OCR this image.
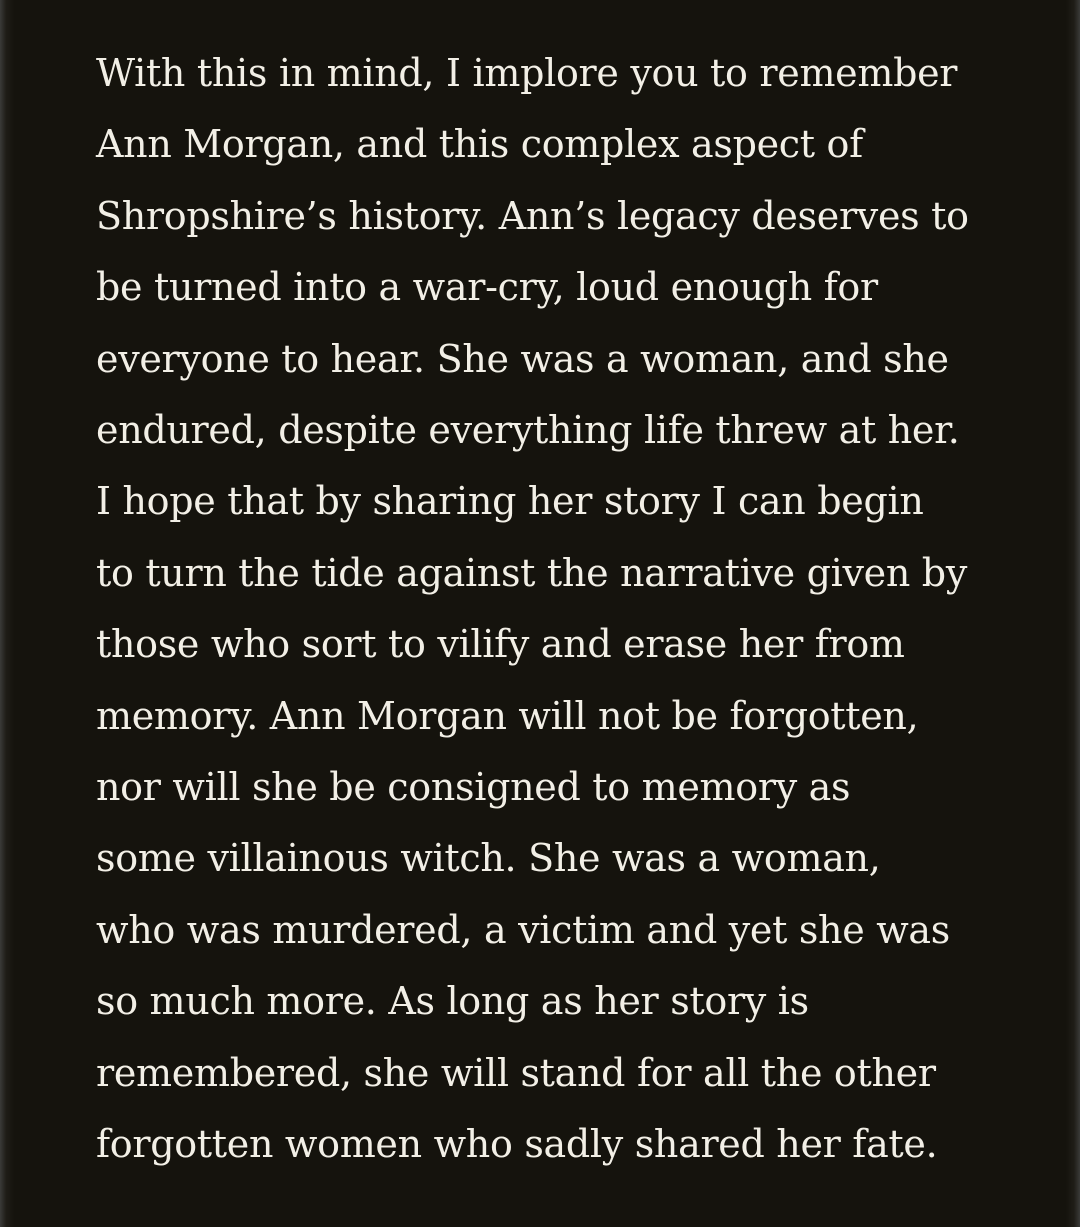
With this in mind, I implore you to remember
Ann Morgan, and this complex aspect of
Shropshire’s history. Ann’s legacy deserves to
be turned into a war-cry, loud enough for
everyone to hear. She was a woman, and she
endured, despite everything life threw at her.
I hope that by sharing her story I can begin
to turn the tide against the narrative given by
those who sort to vilify and erase her from
memory. Ann Morgan will not be forgotten,
nor will she be consigned to memory as
some villainous witch. She was a woman,
who was murdered, a victim and yet she was
so much more. As long as her story is
remembered, she will stand for all the other
forgotten women who sadly shared her fate.
